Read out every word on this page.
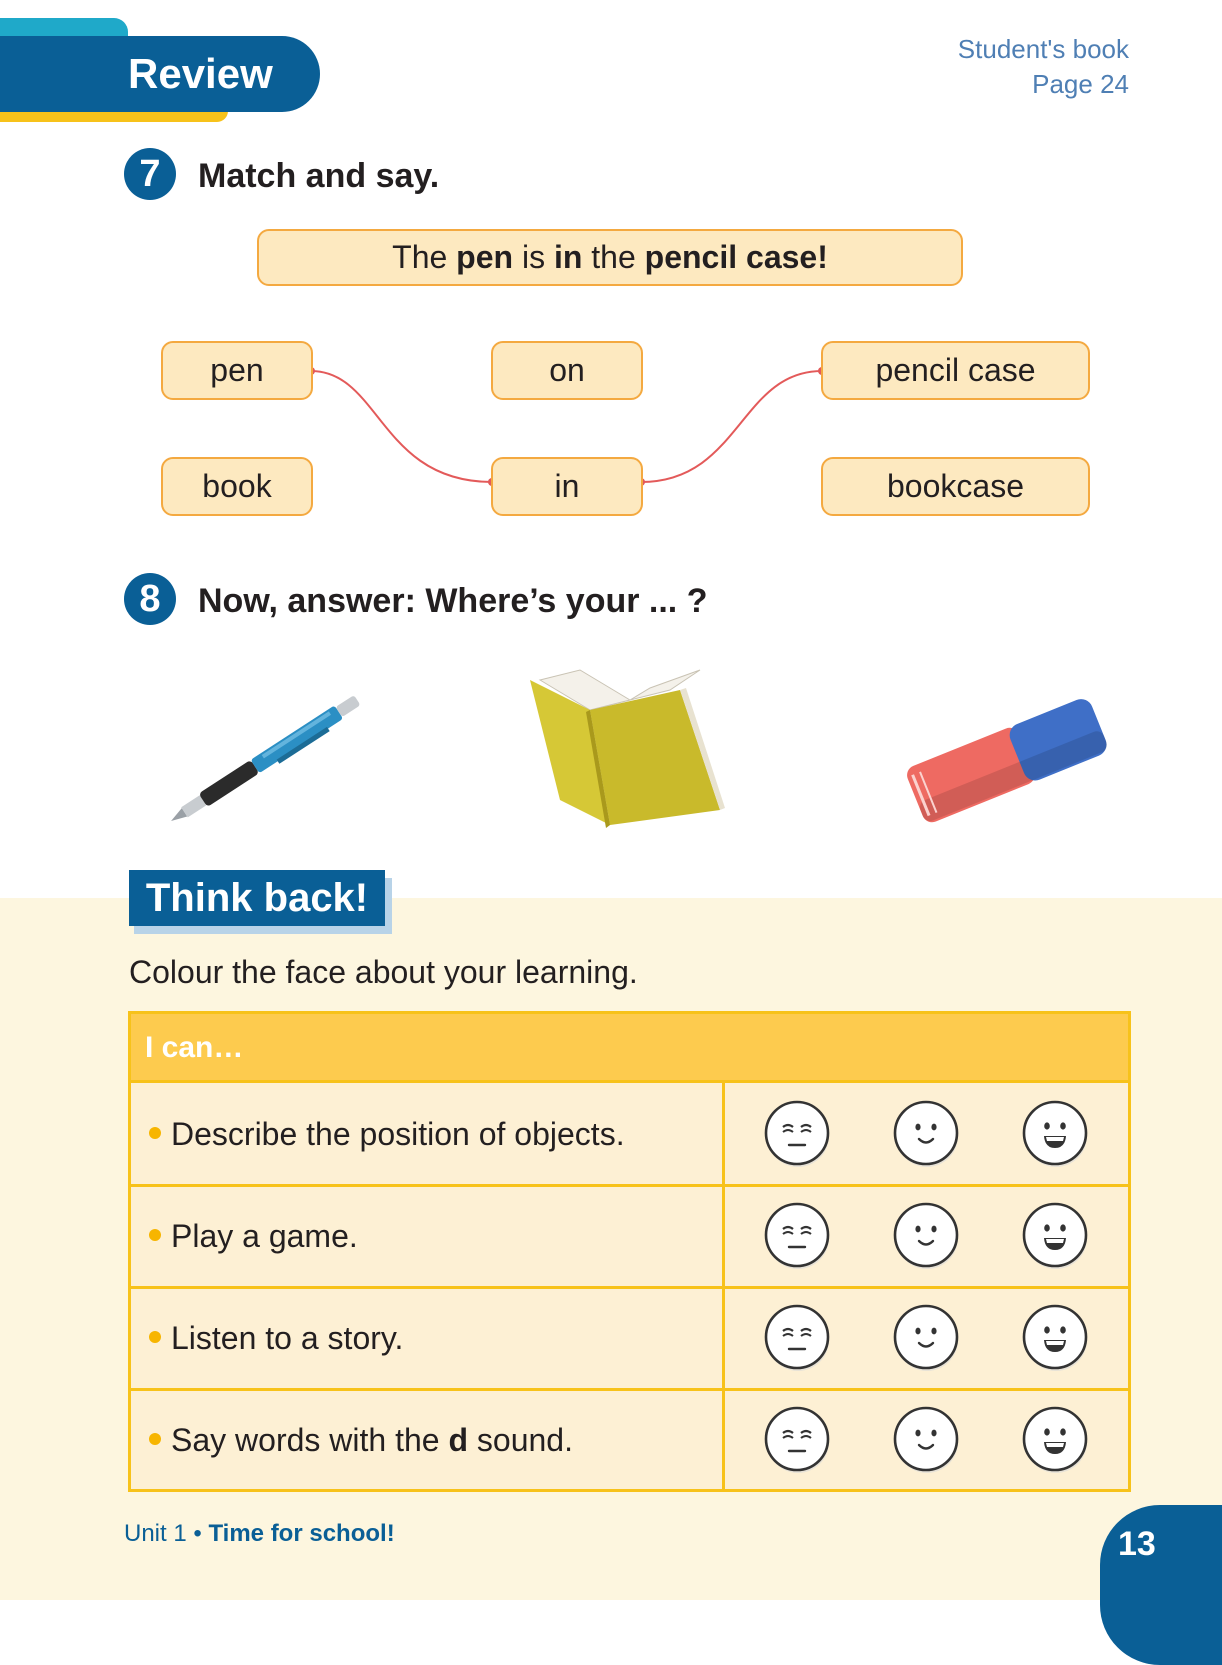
Review
Student's book
Page 24
7	Match and say.
The pen is in the pencil case!
pen
book
on
in
pencil case
bookcase
8	Now, answer: Where’s your ... ?
Think back!
Colour the face about your learning.
I can…
Describe the position of objects.
Play a game.
Listen to a story.
Say words with the d sound.
Unit 1 • Time for school!	13
